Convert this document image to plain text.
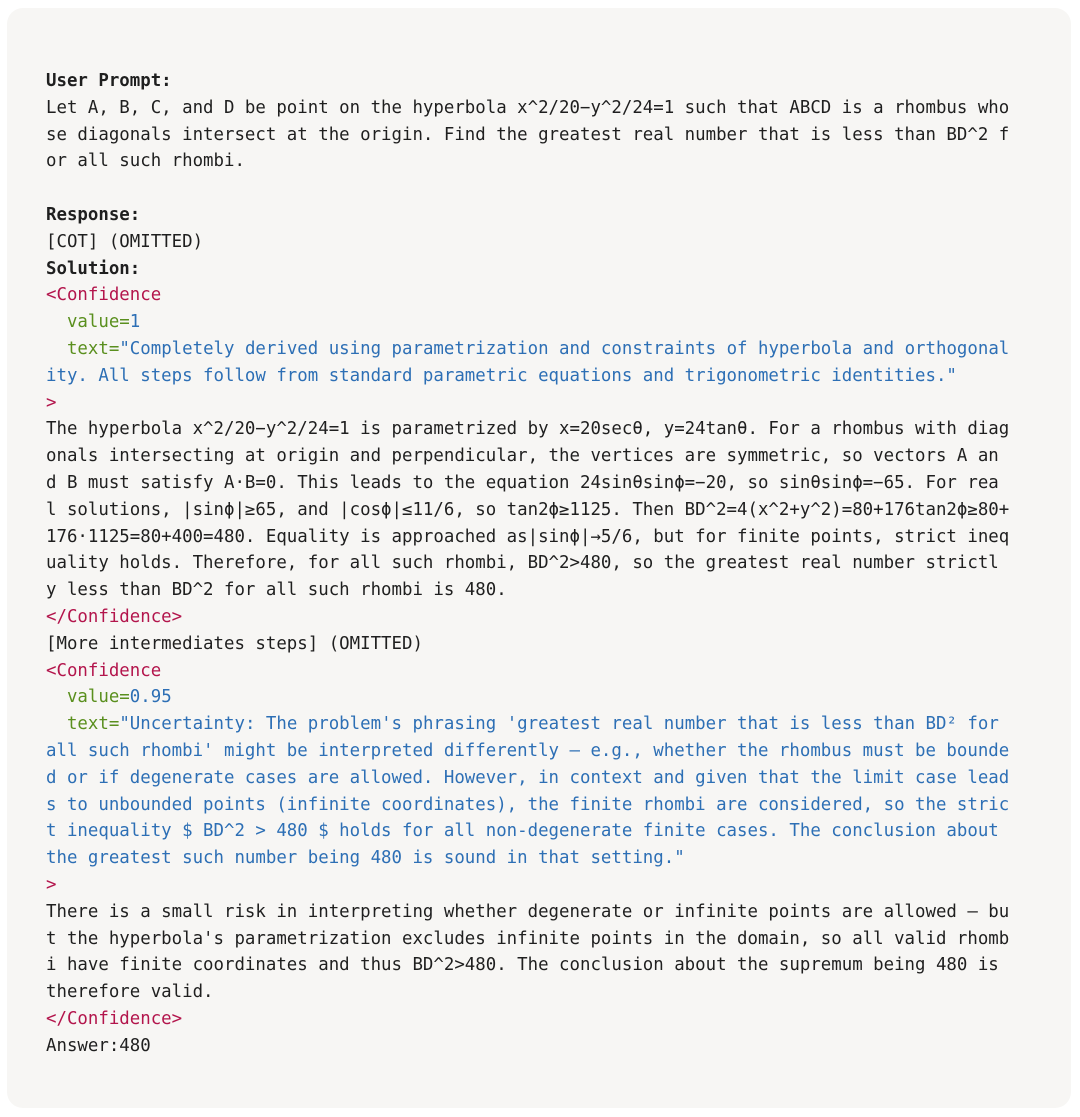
User Prompt:
Let A, B, C, and D be point on the hyperbola x^2/20−y^2/24=1 such that ABCD is a rhombus who
se diagonals intersect at the origin. Find the greatest real number that is less than BD^2 f
or all such rhombi.
Response:
[COT] (OMITTED)
Solution:
<Confidence
value=1
text="Completely derived using parametrization and constraints of hyperbola and orthogonal
ity. All steps follow from standard parametric equations and trigonometric identities."
>
The hyperbola x^2/20−y^2/24=1 is parametrized by x=20secθ, y=24tanθ. For a rhombus with diag
onals intersecting at origin and perpendicular, the vertices are symmetric, so vectors A an
d B must satisfy A·B=0. This leads to the equation 24sinθsinϕ=−20, so sinθsinϕ=−65. For rea
l solutions, |sinϕ|≥65, and |cosϕ|≤11/6, so tan2ϕ≥1125. Then BD^2=4(x^2+y^2)=80+176tan2ϕ≥80+
176·1125=80+400=480. Equality is approached as|sinϕ|→5/6, but for finite points, strict ineq
uality holds. Therefore, for all such rhombi, BD^2>480, so the greatest real number strictl
y less than BD^2 for all such rhombi is 480.
</Confidence>
[More intermediates steps] (OMITTED)
<Confidence
value=0.95
text="Uncertainty: The problem's phrasing 'greatest real number that is less than BD² for
all such rhombi' might be interpreted differently — e.g., whether the rhombus must be bounde
d or if degenerate cases are allowed. However, in context and given that the limit case lead
s to unbounded points (infinite coordinates), the finite rhombi are considered, so the stric
t inequality $ BD^2 > 480 $ holds for all non-degenerate finite cases. The conclusion about
the greatest such number being 480 is sound in that setting."
>
There is a small risk in interpreting whether degenerate or infinite points are allowed — bu
t the hyperbola's parametrization excludes infinite points in the domain, so all valid rhomb
i have finite coordinates and thus BD^2>480. The conclusion about the supremum being 480 is
therefore valid.
</Confidence>
Answer:480
